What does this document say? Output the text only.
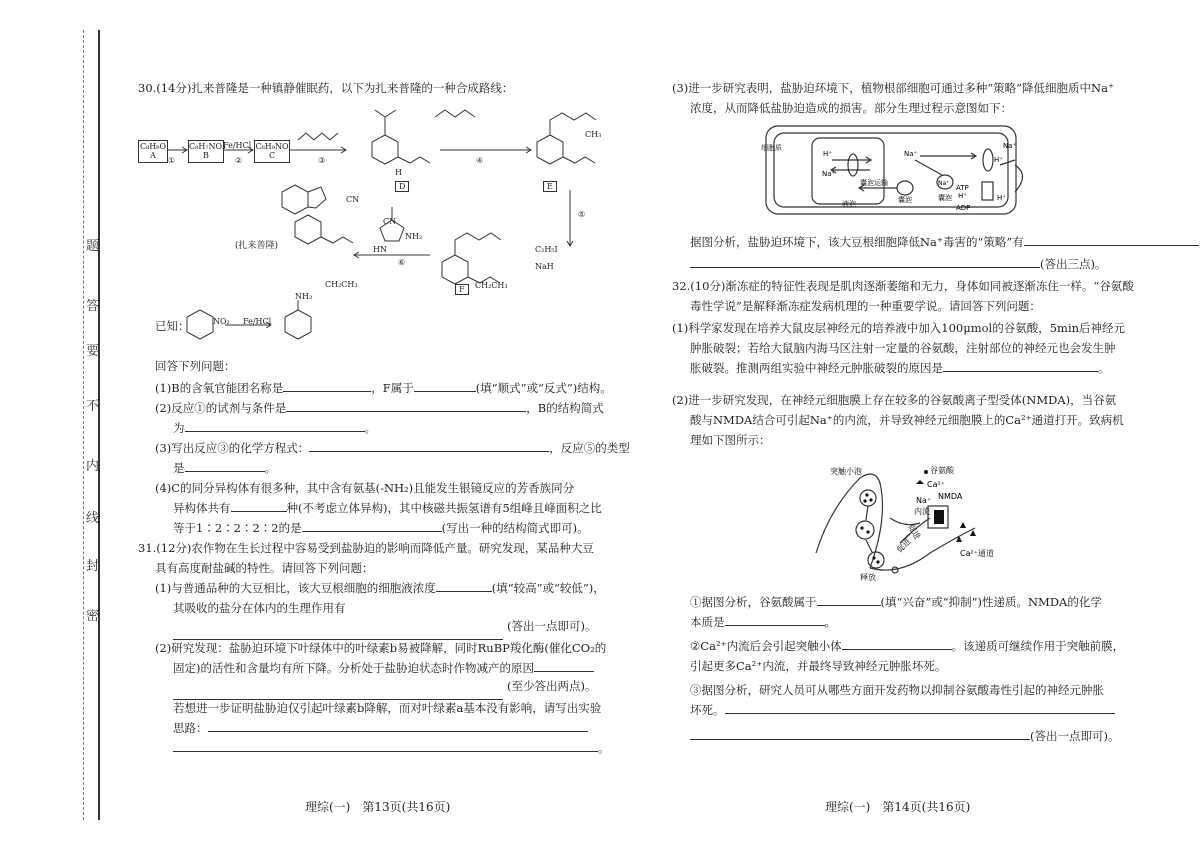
题
答
要
不
内
线
封
密
30.(14分)扎来普隆是一种镇静催眠药，以下为扎来普隆的一种合成路线：
C₈H₈O
A
C₈H₇NO₃
B
C₈H₉NO
C
①
Fe/HCl
②	③	④
⑤
⑥
C₂H₅I
NaH
(扎来普隆)
D	E
F
CN
NH₂
HN
CN
H
CH₂CH₃	CH₂CH₃
NO₂
NH₂
Fe/HCl
CH₃
已知：
回答下列问题：
(1)B的含氧官能团名称是	，F属于	(填“顺式”或“反式”)结构。
(2)反应①的试剂与条件是	，B的结构简式
为	。
(3)写出反应③的化学方程式：	，反应⑤的类型
是	。
(4)C的同分异构体有很多种，其中含有氨基(-NH₂)且能发生银镜反应的芳香族同分
异构体共有	种(不考虑立体异构)，其中核磁共振氢谱有5组峰且峰面积之比
等于1∶2∶2∶2∶2的是	(写出一种的结构简式即可)。
31.(12分)农作物在生长过程中容易受到盐胁迫的影响而降低产量。研究发现，某品种大豆
具有高度耐盐碱的特性。请回答下列问题：
(1)与普通品种的大豆相比，该大豆根细胞的细胞液浓度	(填“较高”或“较低”)，
其吸收的盐分在体内的生理作用有
(答出一点即可)。
(2)研究发现：盐胁迫环境下叶绿体中的叶绿素b易被降解，同时RuBP羧化酶(催化CO₂的
固定)的活性和含量均有所下降。分析处于盐胁迫状态时作物减产的原因
(至少答出两点)。
若想进一步证明盐胁迫仅引起叶绿素b降解，而对叶绿素a基本没有影响，请写出实验
思路：
。
理综(一)　第13页(共16页)
(3)进一步研究表明，盐胁迫环境下，植物根部细胞可通过多种“策略”降低细胞质中Na⁺
浓度，从而降低盐胁迫造成的损害。部分生理过程示意图如下：
细胞质
H⁺
Na⁺
Na⁺
囊泡运输
囊泡
Na⁺
囊泡
液泡
Na⁺
H⁺
ATP
H⁺
ADP
H⁺
据图分析，盐胁迫环境下，该大豆根细胞降低Na⁺毒害的“策略”有
(答出三点)。
32.(10分)渐冻症的特征性表现是肌肉逐渐萎缩和无力，身体如同被逐渐冻住一样。“谷氨酸
毒性学说”是解释渐冻症发病机理的一种重要学说。请回答下列问题：
(1)科学家发现在培养大鼠皮层神经元的培养液中加入100μmol的谷氨酸，5min后神经元
肿胀破裂；若给大鼠脑内海马区注射一定量的谷氨酸，注射部位的神经元也会发生肿
胀破裂。推测两组实验中神经元肿胀破裂的原因是	。
(2)进一步研究发现，在神经元细胞膜上存在较多的谷氨酸离子型受体(NMDA)，当谷氨
酸与NMDA结合可引起Na⁺的内流，并导致神经元细胞膜上的Ca²⁺通道打开。致病机
理如下图所示：
突触小泡	谷氨酸
Ca²⁺
NMDA
Na⁺
内流
促进
促进	Ca²⁺通道
释放
①据图分析，谷氨酸属于	(填“兴奋”或“抑制”)性递质。NMDA的化学
本质是	。
②Ca²⁺内流后会引起突触小体	。该递质可继续作用于突触前膜，
引起更多Ca²⁺内流，并最终导致神经元肿胀坏死。
③据图分析，研究人员可从哪些方面开发药物以抑制谷氨酸毒性引起的神经元肿胀
坏死。
(答出一点即可)。
理综(一)　第14页(共16页)
